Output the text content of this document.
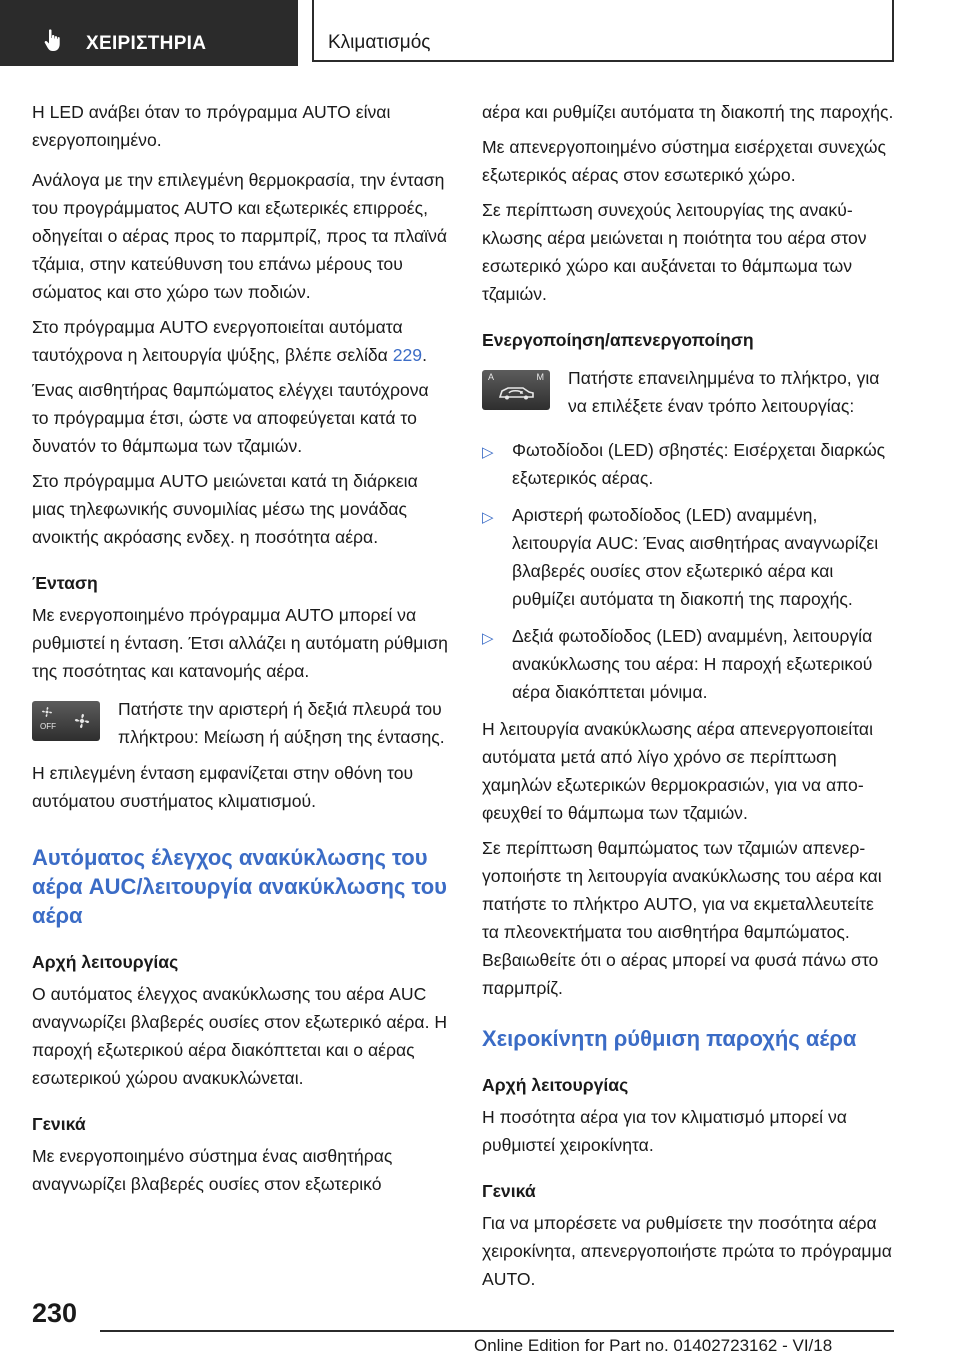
ΧΕΙΡΙΣΤΗΡΙΑ	Κλιματισμός

Η LED ανάβει όταν το πρόγραμμα AUTO είναι ενεργοποιημένο.

Ανάλογα με την επιλεγμένη θερμοκρασία, την ένταση του προγράμματος AUTO και εξωτερικές επιρροές, οδηγείται ο αέρας προς το παρμπρίζ, προς τα πλαϊνά τζάμια, στην κατεύθυνση του επάνω μέρους του σώματος και στο χώρο των ποδιών.

Στο πρόγραμμα AUTO ενεργοποιείται αυτόματα ταυτόχρονα η λειτουργία ψύξης, βλέπε σελίδα 229.

Ένας αισθητήρας θαμπώματος ελέγχει ταυτόχρονα το πρόγραμμα έτσι, ώστε να αποφεύγεται κατά το δυνατόν το θάμπωμα των τζαμιών.

Στο πρόγραμμα AUTO μειώνεται κατά τη διάρκεια μιας τηλεφωνικής συνομιλίας μέσω της μονάδας ανοικτής ακρόασης ενδεχ. η ποσότητα αέρα.

Ένταση

Με ενεργοποιημένο πρόγραμμα AUTO μπορεί να ρυθμιστεί η ένταση. Έτσι αλλάζει η αυτόματη ρύθμιση της ποσότητας και κατανομής αέρα.

OFF
Πατήστε την αριστερή ή δεξιά πλευρά του πλήκτρου: Μείωση ή αύξηση της έντασης.

Η επιλεγμένη ένταση εμφανίζεται στην οθόνη του αυτόματου συστήματος κλιματισμού.

Αυτόματος έλεγχος ανακύκλωσης του αέρα AUC/λειτουργία ανακύκλωσης του αέρα
Αρχή λειτουργίας

Ο αυτόματος έλεγχος ανακύκλωσης του αέρα AUC αναγνωρίζει βλαβερές ουσίες στον εξωτερικό αέρα. Η παροχή εξωτερικού αέρα διακόπτεται και ο αέρας εσωτερικού χώρου ανακυκλώνεται.

Γενικά

Με ενεργοποιημένο σύστημα ένας αισθητήρας αναγνωρίζει βλαβερές ουσίες στον εξωτερικό

αέρα και ρυθμίζει αυτόματα τη διακοπή της παροχής.

Με απενεργοποιημένο σύστημα εισέρχεται συνεχώς εξωτερικός αέρας στον εσωτερικό χώρο.

Σε περίπτωση συνεχούς λειτουργίας της ανακύκλωσης αέρα μειώνεται η ποιότητα του αέρα στον εσωτερικό χώρο και αυξάνεται το θάμπωμα των τζαμιών.

Ενεργοποίηση/απενεργοποίηση
A	M Πατήστε επανειλημμένα το πλήκτρο, για να επιλέξετε έναν τρόπο λειτουργίας:
▷ Φωτοδίοδοι (LED) σβηστές: Εισέρχεται διαρκώς εξωτερικός αέρας.
▷ Αριστερή φωτοδίοδος (LED) αναμμένη, λειτουργία AUC: Ένας αισθητήρας αναγνωρίζει βλαβερές ουσίες στον εξωτερικό αέρα και ρυθμίζει αυτόματα τη διακοπή της παροχής.
▷ Δεξιά φωτοδίοδος (LED) αναμμένη, λειτουργία ανακύκλωσης του αέρα: Η παροχή εξωτερικού αέρα διακόπτεται μόνιμα.

Η λειτουργία ανακύκλωσης αέρα απενεργοποιείται αυτόματα μετά από λίγο χρόνο σε περίπτωση χαμηλών εξωτερικών θερμοκρασιών, για να αποφευχθεί το θάμπωμα των τζαμιών.

Σε περίπτωση θαμπώματος των τζαμιών απενεργοποιήστε τη λειτουργία ανακύκλωσης του αέρα και πατήστε το πλήκτρο AUTO, για να εκμεταλλευτείτε τα πλεονεκτήματα του αισθητήρα θαμπώματος. Βεβαιωθείτε ότι ο αέρας μπορεί να φυσά πάνω στο παρμπρίζ.

Χειροκίνητη ρύθμιση παροχής αέρα
Αρχή λειτουργίας

Η ποσότητα αέρα για τον κλιματισμό μπορεί να ρυθμιστεί χειροκίνητα.

Γενικά

Για να μπορέσετε να ρυθμίσετε την ποσότητα αέρα χειροκίνητα, απενεργοποιήστε πρώτα το πρόγραμμα AUTO.

230
Online Edition for Part no. 01402723162 - VI/18
